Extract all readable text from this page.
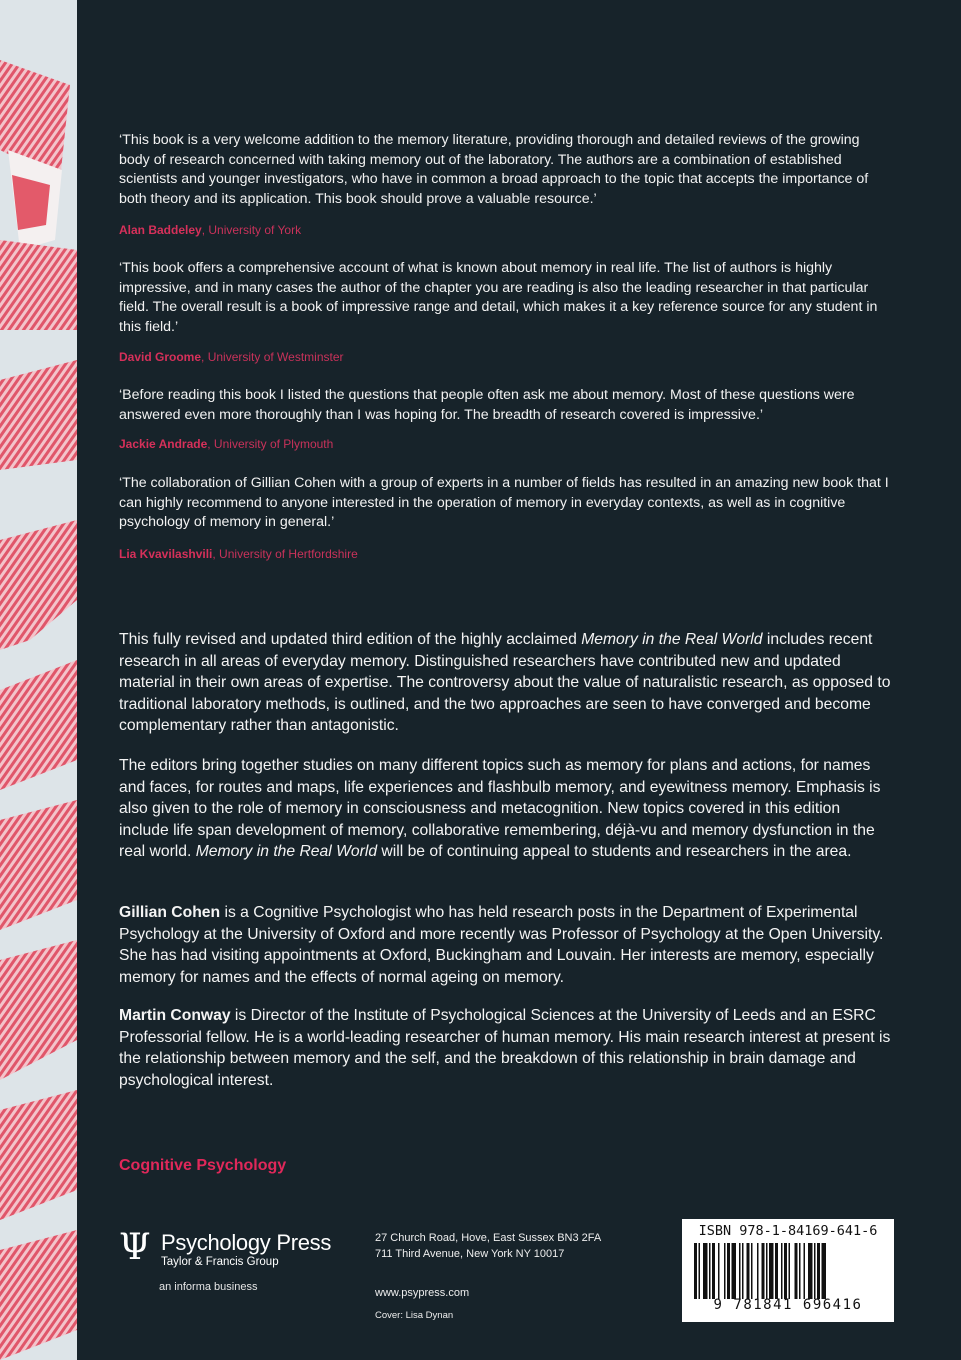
‘This book is a very welcome addition to the memory literature, providing thorough and detailed reviews of the growing body of research concerned with taking memory out of the laboratory. The authors are a combination of established scientists and younger investigators, who have in common a broad approach to the topic that accepts the importance of both theory and its application. This book should prove a valuable resource.’

Alan Baddeley, University of York

‘This book offers a comprehensive account of what is known about memory in real life. The list of authors is highly impressive, and in many cases the author of the chapter you are reading is also the leading researcher in that particular field. The overall result is a book of impressive range and detail, which makes it a key reference source for any student in this field.’

David Groome, University of Westminster

‘Before reading this book I listed the questions that people often ask me about memory. Most of these questions were answered even more thoroughly than I was hoping for. The breadth of research covered is impressive.’

Jackie Andrade, University of Plymouth

‘The collaboration of Gillian Cohen with a group of experts in a number of fields has resulted in an amazing new book that I can highly recommend to anyone interested in the operation of memory in everyday contexts, as well as in cognitive psychology of memory in general.’

Lia Kvavilashvili, University of Hertfordshire

This fully revised and updated third edition of the highly acclaimed Memory in the Real World includes recent research in all areas of everyday memory. Distinguished researchers have contributed new and updated material in their own areas of expertise. The controversy about the value of naturalistic research, as opposed to traditional laboratory methods, is outlined, and the two approaches are seen to have converged and become complementary rather than antagonistic.

The editors bring together studies on many different topics such as memory for plans and actions, for names and faces, for routes and maps, life experiences and flashbulb memory, and eyewitness memory. Emphasis is also given to the role of memory in consciousness and metacognition. New topics covered in this edition include life span development of memory, collaborative remembering, déjà-vu and memory dysfunction in the real world. Memory in the Real World will be of continuing appeal to students and researchers in the area.

Gillian Cohen is a Cognitive Psychologist who has held research posts in the Department of Experimental Psychology at the University of Oxford and more recently was Professor of Psychology at the Open University. She has had visiting appointments at Oxford, Buckingham and Louvain. Her interests are memory, especially memory for names and the effects of normal ageing on memory.

Martin Conway is Director of the Institute of Psychological Sciences at the University of Leeds and an ESRC Professorial fellow. He is a world-leading researcher of human memory. His main research interest at present is the relationship between memory and the self, and the breakdown of this relationship in brain damage and psychological interest.

Cognitive Psychology
Ψ Psychology Press
Taylor & Francis Group
an informa business
27 Church Road, Hove, East Sussex BN3 2FA
711 Third Avenue, New York NY 10017
www.psypress.com
Cover: Lisa Dynan
ISBN 978-1-84169-641-6
9 781841 696416
